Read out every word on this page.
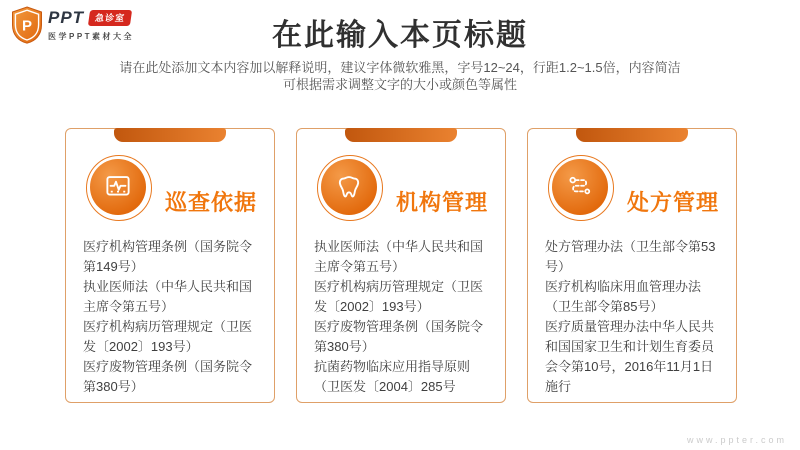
P PPT	急诊室
医学PPT素材大全	在此输入本页标题
请在此处添加文本内容加以解释说明，建议字体微软雅黑，字号12~24，行距1.2~1.5倍，内容简洁
可根据需求调整文字的大小或颜色等属性
巡查依据

医疗机构管理条例（国务院令第149号）

执业医师法（中华人民共和国主席令第五号）

医疗机构病历管理规定（卫医发〔2002〕193号）

医疗废物管理条例（国务院令第380号）

机构管理

执业医师法（中华人民共和国主席令第五号）

医疗机构病历管理规定（卫医发〔2002〕193号）

医疗废物管理条例（国务院令第380号）

抗菌药物临床应用指导原则（卫医发〔2004〕285号

处方管理

处方管理办法（卫生部令第53号）

医疗机构临床用血管理办法（卫生部令第85号）

医疗质量管理办法中华人民共和国国家卫生和计划生育委员会令第10号，2016年11月1日施行

www.ppter.com
